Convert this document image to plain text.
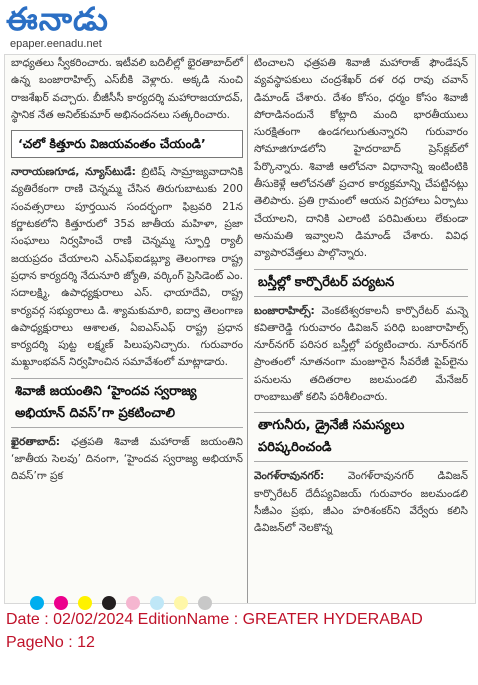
ఈనాడు
epaper.eenadu.net

బాధ్యతలు స్వీకరించారు. ఇటీవలి బదిలీల్లో భైరతాబాద్‌లో ఉన్న బంజారాహిల్స్‌ ఎస్‌బీకి వెళ్లారు. అక్కడి నుంచి రాజశేఖర్‌ వచ్చారు. బీజీసీసీ కార్యదర్శి మహారాజయాదవ్‌, స్థానిక నేత అనిల్‌కుమార్‌ అభినందనలు సత్కరించారు.

‘చలో కిత్తూరు విజయవంతం చేయండి’

నారాయణగూడ, న్యూస్‌టుడే: బ్రిటిష్‌ సామ్రాజ్యవాదానికి వ్యతిరేకంగా రాణి చెన్నమ్మ చేసిన తిరుగుబాటుకు 200 సంవత్సరాలు పూర్తయిన సందర్భంగా ఫిబ్రవరి 21న కర్ణాటకలోని కిత్తూరులో 35వ జాతీయ మహిళా, ప్రజా సంఘాలు నిర్వహించే రాణి చెన్నమ్మ స్ఫూర్తి ర్యాలీ జయప్రదం చేయాలని ఎన్‌ఎఫ్‌ఐడబ్ల్యూ తెలంగాణ రాష్ట్ర ప్రధాన కార్యదర్శి నేదునూరి జ్యోతి, వర్కింగ్‌ ప్రెసిడెంట్‌ ఎం. సదాలక్ష్మి, ఉపాధ్యక్షురాలు ఎస్‌. ఛాయాదేవి, రాష్ట్ర కార్యవర్గ సభ్యురాలు డి. శ్యామకుమారి, ఐద్వా తెలంగాణ ఉపాధ్యక్షురాలు ఆశాలత, ఏఐఎస్‌ఎఫ్‌ రాష్ట్ర ప్రధాన కార్యదర్శి పుట్ట లక్ష్మణ్‌ పిలుపునిచ్చారు. గురువారం మఖ్దూంభవన్‌ నిర్వహించిన సమావేశంలో మాట్లాడారు.

శివాజీ జయంతిని ‘హైందవ స్వరాజ్య అభియాన్‌ దివస్‌’గా ప్రకటించాలి

ఖైరతాబాద్‌: ఛత్రపతి శివాజీ మహారాజ్‌ జయంతిని ‘జాతీయ సెలవు’ దినంగా, ‘హైందవ స్వరాజ్య అభియాన్‌ దివస్‌’గా ప్రక

టించాలని ఛత్రపతి శివాజీ మహారాజ్‌ ఫౌండేషన్‌ వ్యవస్థాపకులు చంద్రశేఖర్‌ దళ రధ రావు చవాన్‌ డిమాండ్‌ చేశారు. దేశం కోసం, ధర్మం కోసం శివాజీ పోరాడినందునే కోట్లాది మంది భారతీయులు సురక్షితంగా ఉండగలుగుతున్నారని గురువారం సోమాజిగూడలోని హైదరాబాద్‌ ప్రెస్‌క్లబ్‌లో పేర్కొన్నారు. శివాజీ ఆలోచనా విధానాన్ని ఇంటింటికి తీసుకెళ్లే ఆలోచనతో ప్రచార కార్యక్రమాన్ని చేపట్టినట్లు తెలిపారు. ప్రతి గ్రామంలో ఆయన విగ్రహాలు ఏర్పాటు చేయాలని, దానికి ఎలాంటి పరిమితులు లేకుండా అనుమతి ఇవ్వాలని డిమాండ్‌ చేశారు. వివిధ వ్యాపారవేత్తలు పాల్గొన్నారు.

బస్తీల్లో కార్పొరేటర్‌ పర్యటన

బంజారాహిల్స్‌: వెంకటేశ్వరకాలనీ కార్పొరేటర్‌ మన్నె కవితారెడ్డి గురువారం డివిజన్‌ పరిధి బంజారాహిల్స్‌ నూర్‌నగర్‌ పరిసర బస్తీల్లో పర్యటించారు. నూర్‌నగర్‌ ప్రాంతంలో నూతనంగా మంజూరైన సీవరేజీ పైప్‌లైను పనులను తదితరాల జలమండలి మేనేజర్‌ రాంబాబుతో కలిసి పరిశీలించారు.

తాగునీరు, డ్రైనేజీ సమస్యలు పరిష్కరించండి

వెంగళ్‌రావునగర్‌: వెంగళ్‌రావునగర్‌ డివిజన్‌ కార్పొరేటర్‌ దేదీప్యవిజయ్‌ గురువారం జలమండలి సీజీఎం ప్రభు, జీఎం హరిశంకర్‌ని వేర్వేరు కలిసి డివిజన్‌లో నెలకొన్న

Date : 02/02/2024 EditionName : GREATER HYDERABAD
PageNo : 12
